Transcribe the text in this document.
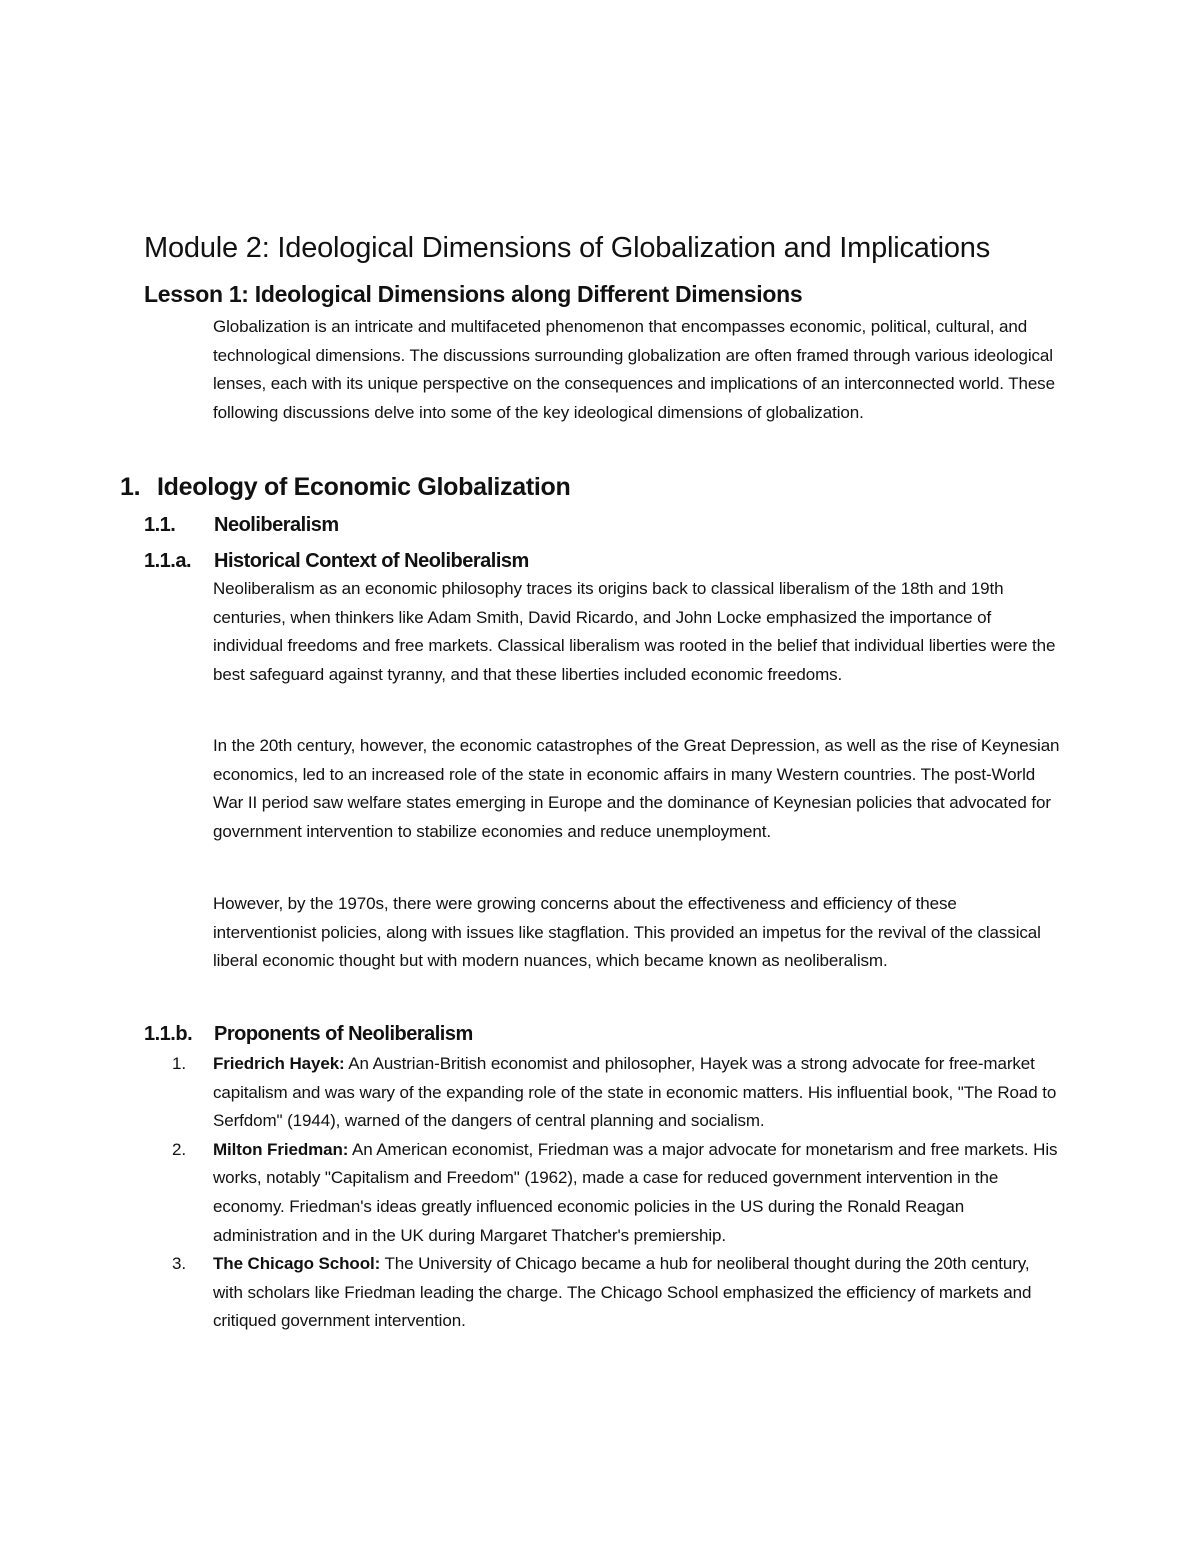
Module 2: Ideological Dimensions of Globalization and Implications
Lesson 1: Ideological Dimensions along Different Dimensions

Globalization is an intricate and multifaceted phenomenon that encompasses economic, political, cultural, and technological dimensions. The discussions surrounding globalization are often framed through various ideological lenses, each with its unique perspective on the consequences and implications of an interconnected world. These following discussions delve into some of the key ideological dimensions of globalization.

1. Ideology of Economic Globalization
1.1. Neoliberalism
1.1.a. Historical Context of Neoliberalism

Neoliberalism as an economic philosophy traces its origins back to classical liberalism of the 18th and 19th centuries, when thinkers like Adam Smith, David Ricardo, and John Locke emphasized the importance of individual freedoms and free markets. Classical liberalism was rooted in the belief that individual liberties were the best safeguard against tyranny, and that these liberties included economic freedoms.

In the 20th century, however, the economic catastrophes of the Great Depression, as well as the rise of Keynesian economics, led to an increased role of the state in economic affairs in many Western countries. The post-World War II period saw welfare states emerging in Europe and the dominance of Keynesian policies that advocated for government intervention to stabilize economies and reduce unemployment.

However, by the 1970s, there were growing concerns about the effectiveness and efficiency of these interventionist policies, along with issues like stagflation. This provided an impetus for the revival of the classical liberal economic thought but with modern nuances, which became known as neoliberalism.

1.1.b. Proponents of Neoliberalism
1. Friedrich Hayek: An Austrian-British economist and philosopher, Hayek was a strong advocate for free-market capitalism and was wary of the expanding role of the state in economic matters. His influential book, "The Road to Serfdom" (1944), warned of the dangers of central planning and socialism.
2. Milton Friedman: An American economist, Friedman was a major advocate for monetarism and free markets. His works, notably "Capitalism and Freedom" (1962), made a case for reduced government intervention in the economy. Friedman's ideas greatly influenced economic policies in the US during the Ronald Reagan administration and in the UK during Margaret Thatcher's premiership.
3. The Chicago School: The University of Chicago became a hub for neoliberal thought during the 20th century, with scholars like Friedman leading the charge. The Chicago School emphasized the efficiency of markets and critiqued government intervention.
